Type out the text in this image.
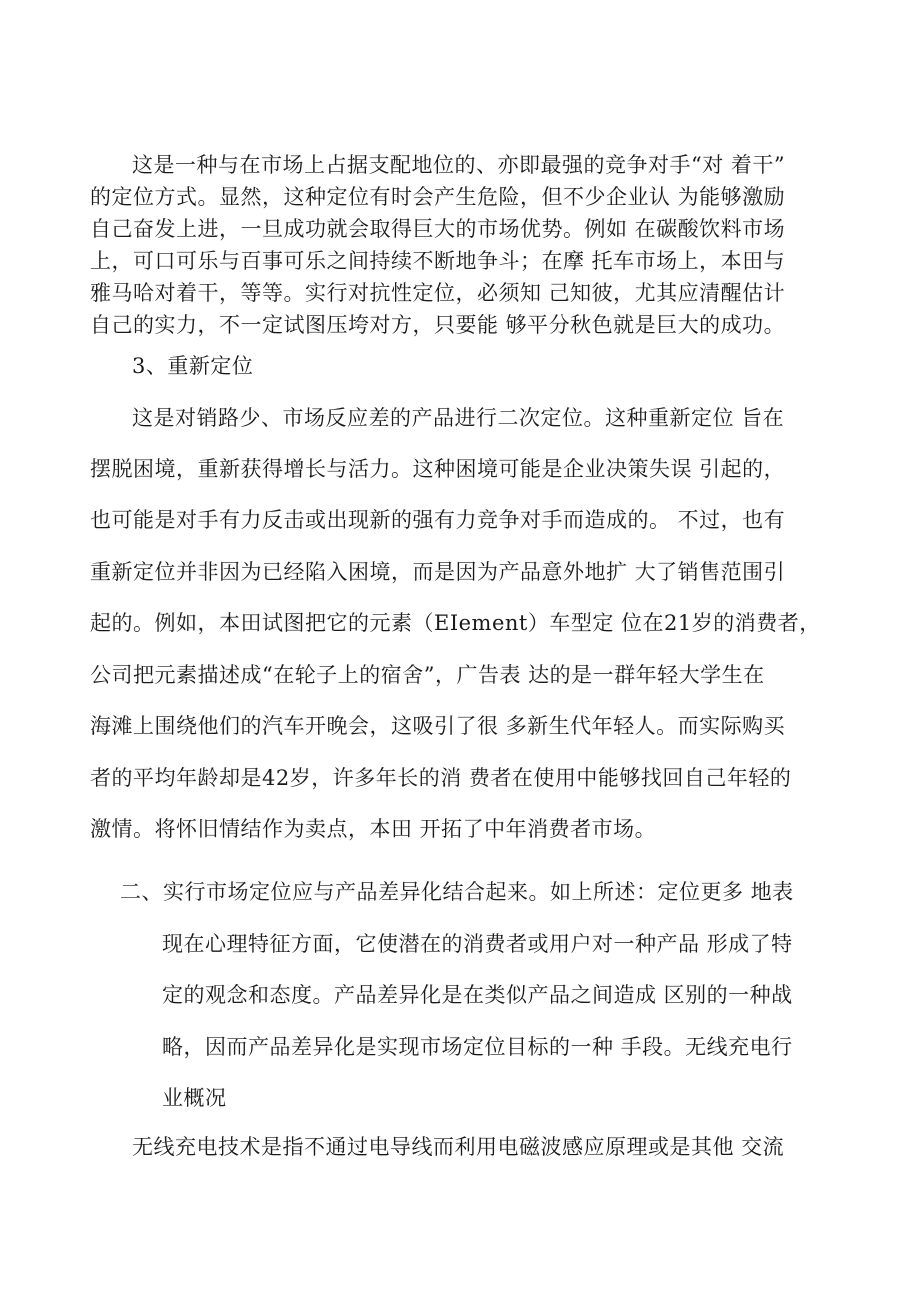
这是一种与在市场上占据支配地位的、亦即最强的竞争对手“对 着干”
的定位方式。显然，这种定位有时会产生危险，但不少企业认 为能够激励
自己奋发上进，一旦成功就会取得巨大的市场优势。例如 在碳酸饮料市场
上，可口可乐与百事可乐之间持续不断地争斗；在摩 托车市场上，本田与
雅马哈对着干，等等。实行对抗性定位，必须知 己知彼，尤其应清醒估计
自己的实力，不一定试图压垮对方，只要能 够平分秋色就是巨大的成功。
3、重新定位
这是对销路少、市场反应差的产品进行二次定位。这种重新定位 旨在
摆脱困境，重新获得增长与活力。这种困境可能是企业决策失误 引起的，
也可能是对手有力反击或出现新的强有力竞争对手而造成的。 不过，也有
重新定位并非因为已经陷入困境，而是因为产品意外地扩 大了销售范围引
起的。例如，本田试图把它的元素（EIement）车型定 位在21岁的消费者，
公司把元素描述成“在轮子上的宿舍”，广告表 达的是一群年轻大学生在
海滩上围绕他们的汽车开晚会，这吸引了很 多新生代年轻人。而实际购买
者的平均年龄却是42岁，许多年长的消 费者在使用中能够找回自己年轻的
激情。将怀旧情结作为卖点，本田 开拓了中年消费者市场。
二、实行市场定位应与产品差异化结合起来。如上所述：定位更多 地表
现在心理特征方面，它使潜在的消费者或用户对一种产品 形成了特
定的观念和态度。产品差异化是在类似产品之间造成 区别的一种战
略，因而产品差异化是实现市场定位目标的一种 手段。无线充电行
业概况
无线充电技术是指不通过电导线而利用电磁波感应原理或是其他 交流
